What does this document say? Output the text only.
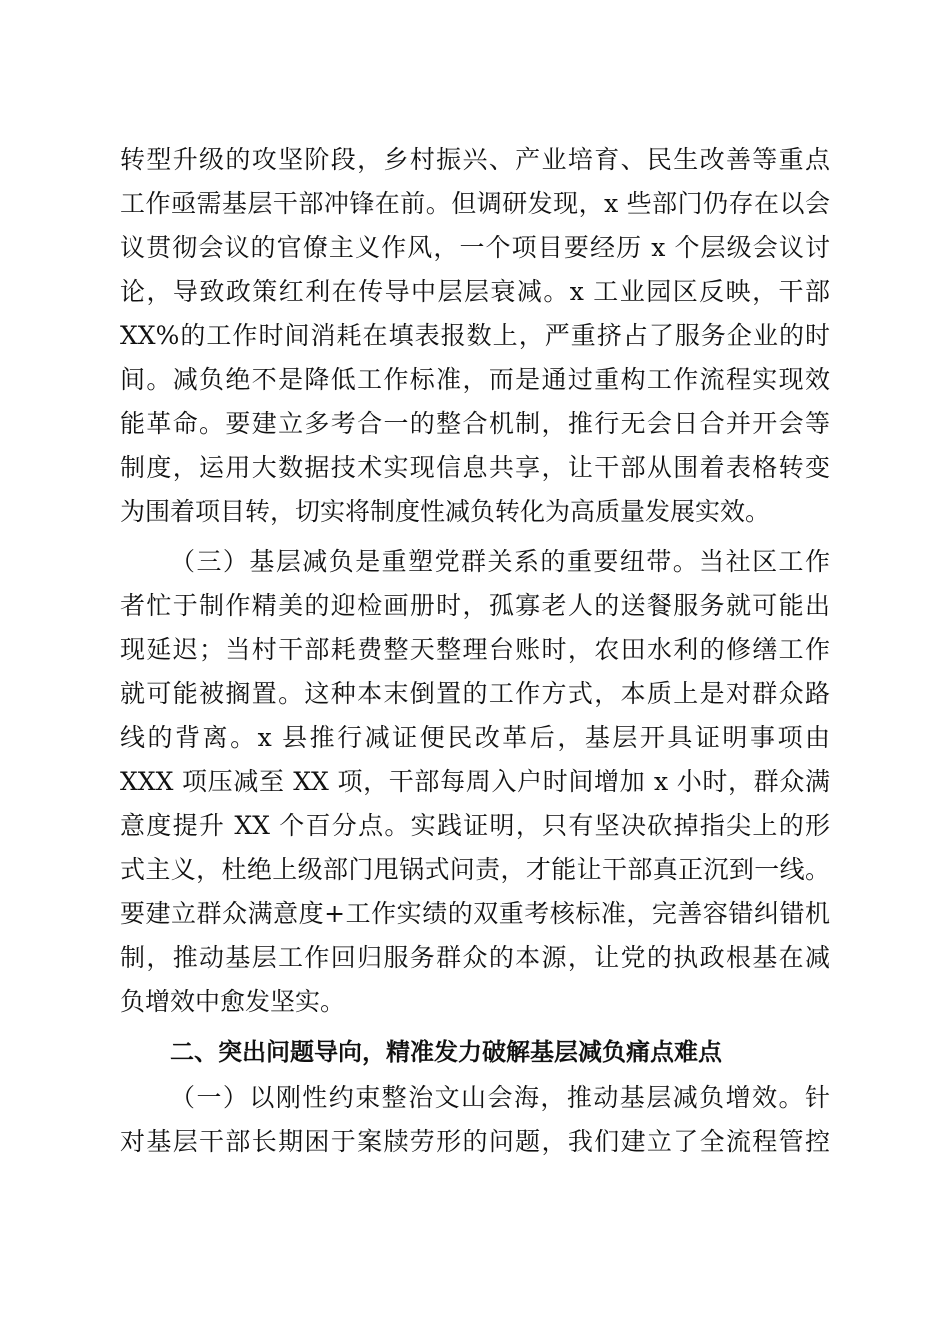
转型升级的攻坚阶段，乡村振兴、产业培育、民生改善等重点
工作亟需基层干部冲锋在前。但调研发现，x 些部门仍存在以会
议贯彻会议的官僚主义作风，一个项目要经历 x 个层级会议讨
论，导致政策红利在传导中层层衰减。x 工业园区反映，干部
XX%的工作时间消耗在填表报数上，严重挤占了服务企业的时
间。减负绝不是降低工作标准，而是通过重构工作流程实现效
能革命。要建立多考合一的整合机制，推行无会日合并开会等
制度，运用大数据技术实现信息共享，让干部从围着表格转变
为围着项目转，切实将制度性减负转化为高质量发展实效。
（三）基层减负是重塑党群关系的重要纽带。当社区工作
者忙于制作精美的迎检画册时，孤寡老人的送餐服务就可能出
现延迟；当村干部耗费整天整理台账时，农田水利的修缮工作
就可能被搁置。这种本末倒置的工作方式，本质上是对群众路
线的背离。x 县推行减证便民改革后，基层开具证明事项由
XXX 项压减至 XX 项，干部每周入户时间增加 x 小时，群众满
意度提升 XX 个百分点。实践证明，只有坚决砍掉指尖上的形
式主义，杜绝上级部门甩锅式问责，才能让干部真正沉到一线。
要建立群众满意度+工作实绩的双重考核标准，完善容错纠错机
制，推动基层工作回归服务群众的本源，让党的执政根基在减
负增效中愈发坚实。
二、突出问题导向，精准发力破解基层减负痛点难点
（一）以刚性约束整治文山会海，推动基层减负增效。针
对基层干部长期困于案牍劳形的问题，我们建立了全流程管控
